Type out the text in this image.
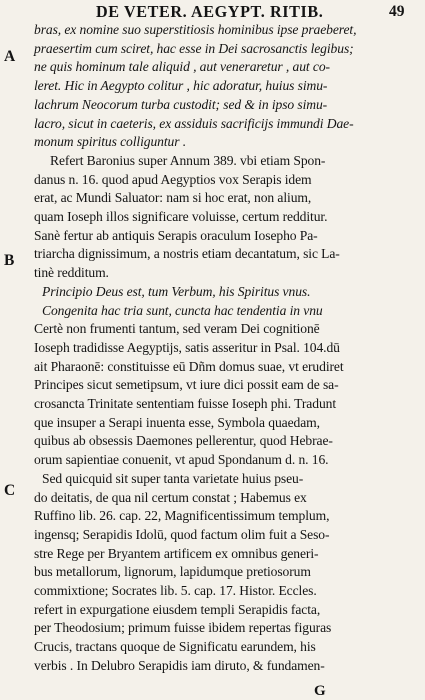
DE VETER. AEGYPT. RITIB.	49
A
B
C
bras, ex nomine suo superstitiosis hominibus ipse praeberet,
praesertim cum sciret, hac esse in Dei sacrosanctis legibus;
ne quis hominum tale aliquid , aut veneraretur , aut co-
leret. Hic in Aegypto colitur , hic adoratur, huius simu-
lachrum Neocorum turba custodit; sed & in ipso simu-
lacro, sicut in caeteris, ex assiduis sacrificijs immundi Dae-
monum spiritus colliguntur .
Refert Baronius super Annum 389. vbi etiam Spon-
danus n. 16. quod apud Aegyptios vox Serapis idem
erat, ac Mundi Saluator: nam si hoc erat, non alium,
quam Ioseph illos significare voluisse, certum redditur.
Sanè fertur ab antiquis Serapis oraculum Iosepho Pa-
triarcha dignissimum, a nostris etiam decantatum, sic La-
tinè redditum.
Principio Deus est, tum Verbum, his Spiritus vnus.
Congenita hac tria sunt, cuncta hac tendentia in vnu
Certè non frumenti tantum, sed veram Dei cognitionē
Ioseph tradidisse Aegyptijs, satis asseritur in Psal. 104.dū
ait Pharaonē: constituisse eū Dñm domus suae, vt erudiret
Principes sicut semetipsum, vt iure dici possit eam de sa-
crosancta Trinitate sententiam fuisse Ioseph phi. Tradunt
que insuper a Serapi inuenta esse, Symbola quaedam,
quibus ab obsessis Daemones pellerentur, quod Hebrae-
orum sapientiae conuenit, vt apud Spondanum d. n. 16.
Sed quicquid sit super tanta varietate huius pseu-
do deitatis, de qua nil certum constat ; Habemus ex
Ruffino lib. 26. cap. 22, Magnificentissimum templum,
ingensq; Serapidis Idolū, quod factum olim fuit a Seso-
stre Rege per Bryantem artificem ex omnibus generi-
bus metallorum, lignorum, lapidumque pretiosorum
commixtione; Socrates lib. 5. cap. 17. Histor. Eccles.
refert in expurgatione eiusdem templi Serapidis facta,
per Theodosium; primum fuisse ibidem repertas figuras
Crucis, tractans quoque de Significatu earundem, his
verbis . In Delubro Serapidis iam diruto, & fundamen-
G
